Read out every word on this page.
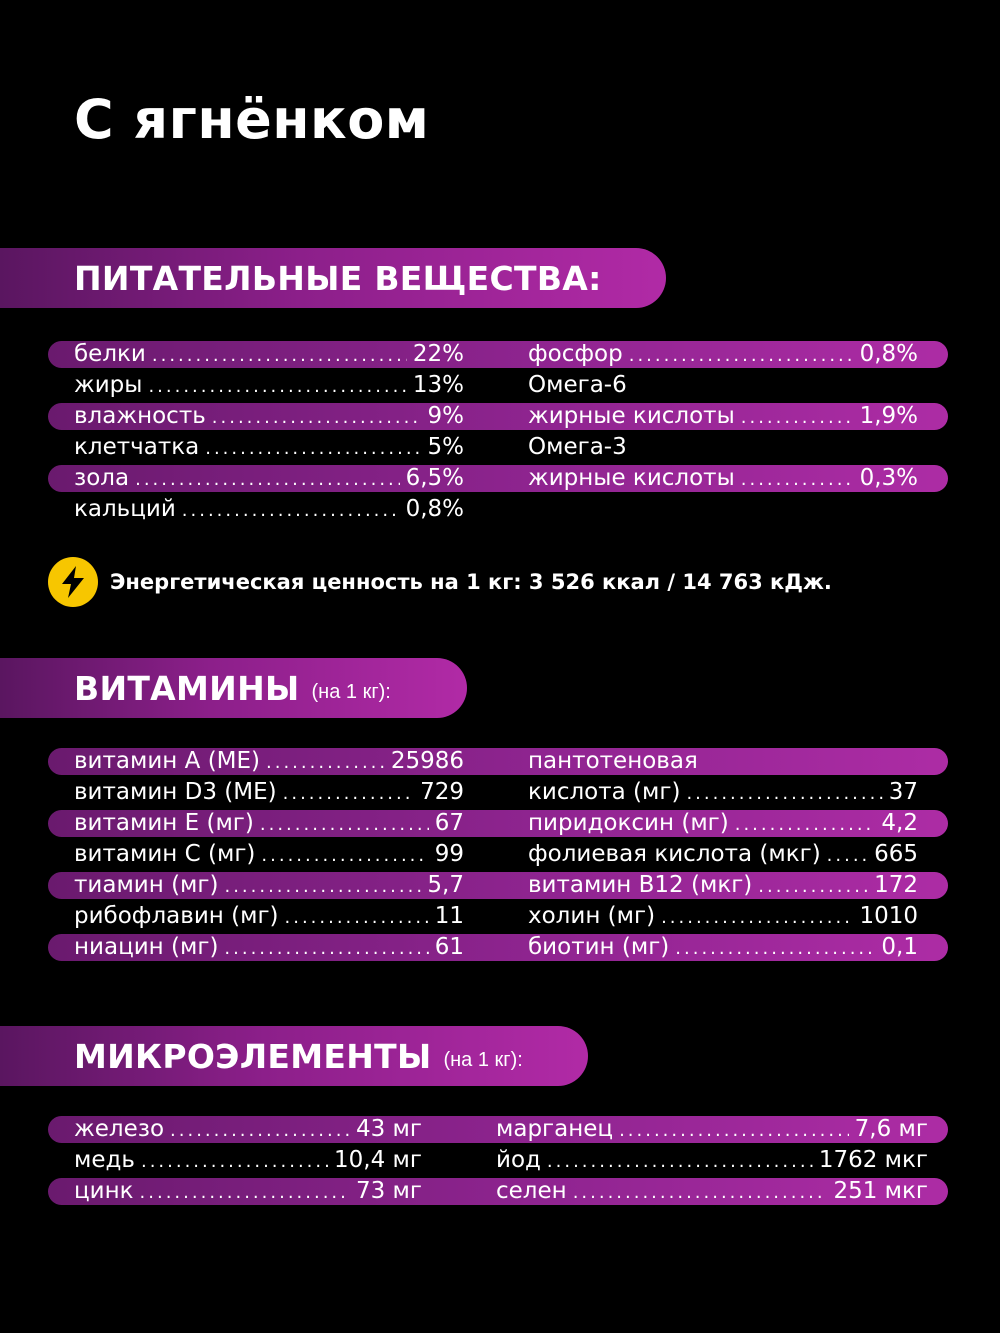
С ягнёнком
ПИТАТЕЛЬНЫЕ ВЕЩЕСТВА:
белки .....	22%
жиры .....	13%
влажность .....	9%
клетчатка .....	5%
зола .....	6,5%
кальций .....	0,8%
фосфор .....	0,8%
Омега-6
жирные кислоты .....	1,9%
Омега-3
жирные кислоты .....	0,3%
Энергетическая ценность на 1 кг: 3 526 ккал / 14 763 кДж.
ВИТАМИНЫ (на 1 кг):
витамин А (МЕ) .....	25986
витамин D3 (МЕ) .....	729
витамин Е (мг) .....	67
витамин С (мг) .....	99
тиамин (мг) .....	5,7
рибофлавин (мг) .....	11
ниацин (мг) .....	61
пантотеновая
кислота (мг) .....	37
пиридоксин (мг) .....	4,2
фолиевая кислота (мкг) ..... 665
витамин В12 (мкг) .....	172
холин (мг) .....	1010
биотин (мг) .....	0,1
МИКРОЭЛЕМЕНТЫ (на 1 кг):
железо .....	43 мг
медь .....	10,4 мг
цинк .....	73 мг
марганец .....	7,6 мг
йод .....	1762 мкг
селен .....	251 мкг
